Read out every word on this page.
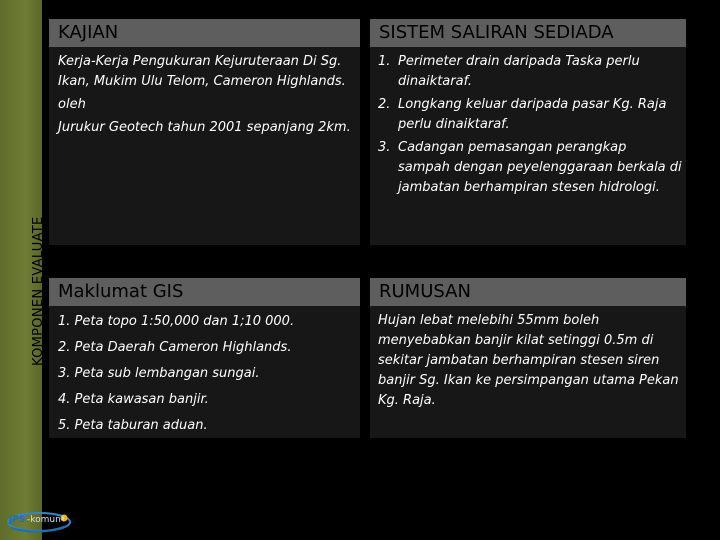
KOMPONEN EVALUATE
JPS -komun i
KAJIAN

Kerja-Kerja Pengukuran Kejuruteraan Di Sg. Ikan, Mukim Ulu Telom, Cameron Highlands.

oleh

Jurukur Geotech tahun 2001 sepanjang 2km.

SISTEM SALIRAN SEDIADA
1. Perimeter drain daripada Taska perlu dinaiktaraf.
2. Longkang keluar daripada pasar Kg. Raja perlu dinaiktaraf.
3. Cadangan pemasangan perangkap sampah dengan peyelenggaraan berkala di jambatan berhampiran stesen hidrologi.
Maklumat GIS
1. Peta topo 1:50,000 dan 1;10 000.
2. Peta Daerah Cameron Highlands.
3. Peta sub lembangan sungai.
4. Peta kawasan banjir.
5. Peta taburan aduan.
RUMUSAN

Hujan lebat melebihi 55mm boleh menyebabkan banjir kilat setinggi 0.5m di sekitar jambatan berhampiran stesen siren banjir Sg. Ikan ke persimpangan utama Pekan Kg. Raja.
